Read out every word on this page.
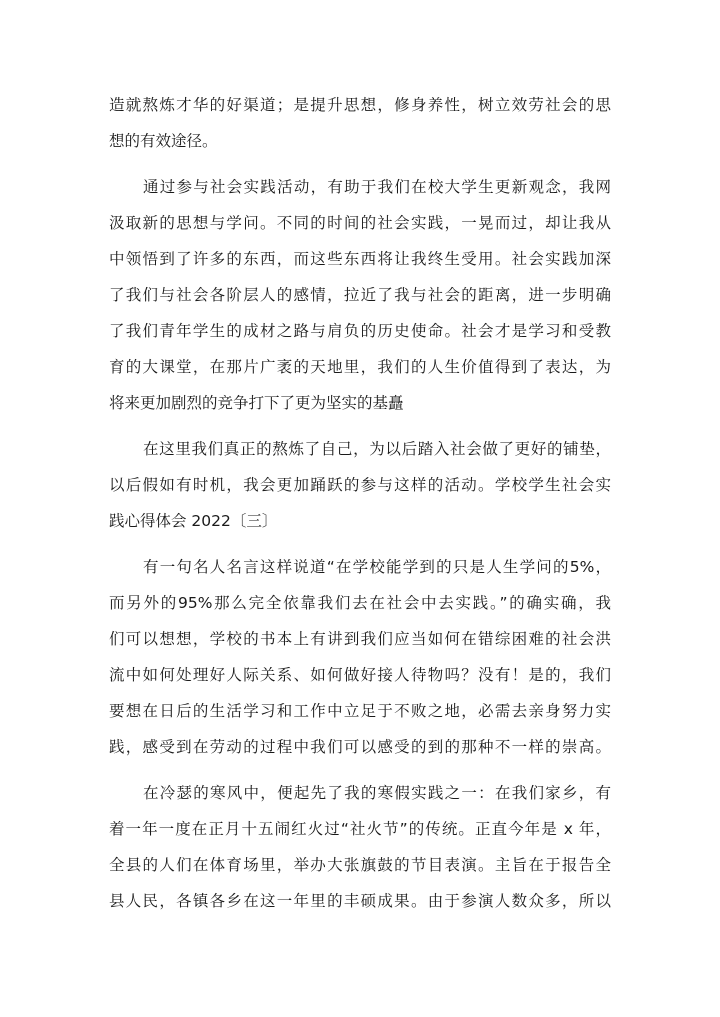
造就熬炼才华的好渠道；是提升思想，修身养性，树立效劳社会的思
想的有效途径。
通过参与社会实践活动，有助于我们在校大学生更新观念，我网
汲取新的思想与学问。不同的时间的社会实践，一晃而过，却让我从
中领悟到了许多的东西，而这些东西将让我终生受用。社会实践加深
了我们与社会各阶层人的感情，拉近了我与社会的距离，进一步明确
了我们青年学生的成材之路与肩负的历史使命。社会才是学习和受教
育的大课堂，在那片广袤的天地里，我们的人生价值得到了表达，为
将来更加剧烈的竞争打下了更为坚实的基矗
在这里我们真正的熬炼了自己，为以后踏入社会做了更好的铺垫，
以后假如有时机，我会更加踊跃的参与这样的活动。学校学生社会实
践心得体会 2022〔三〕
有一句名人名言这样说道“在学校能学到的只是人生学问的5%，
而另外的95%那么完全依靠我们去在社会中去实践。”的确实确，我
们可以想想，学校的书本上有讲到我们应当如何在错综困难的社会洪
流中如何处理好人际关系、如何做好接人待物吗？没有！是的，我们
要想在日后的生活学习和工作中立足于不败之地，必需去亲身努力实
践，感受到在劳动的过程中我们可以感受的到的那种不一样的崇高。
在冷瑟的寒风中，便起先了我的寒假实践之一：在我们家乡，有
着一年一度在正月十五闹红火过“社火节”的传统。正直今年是 x 年，
全县的人们在体育场里，举办大张旗鼓的节目表演。主旨在于报告全
县人民，各镇各乡在这一年里的丰硕成果。由于参演人数众多，所以
